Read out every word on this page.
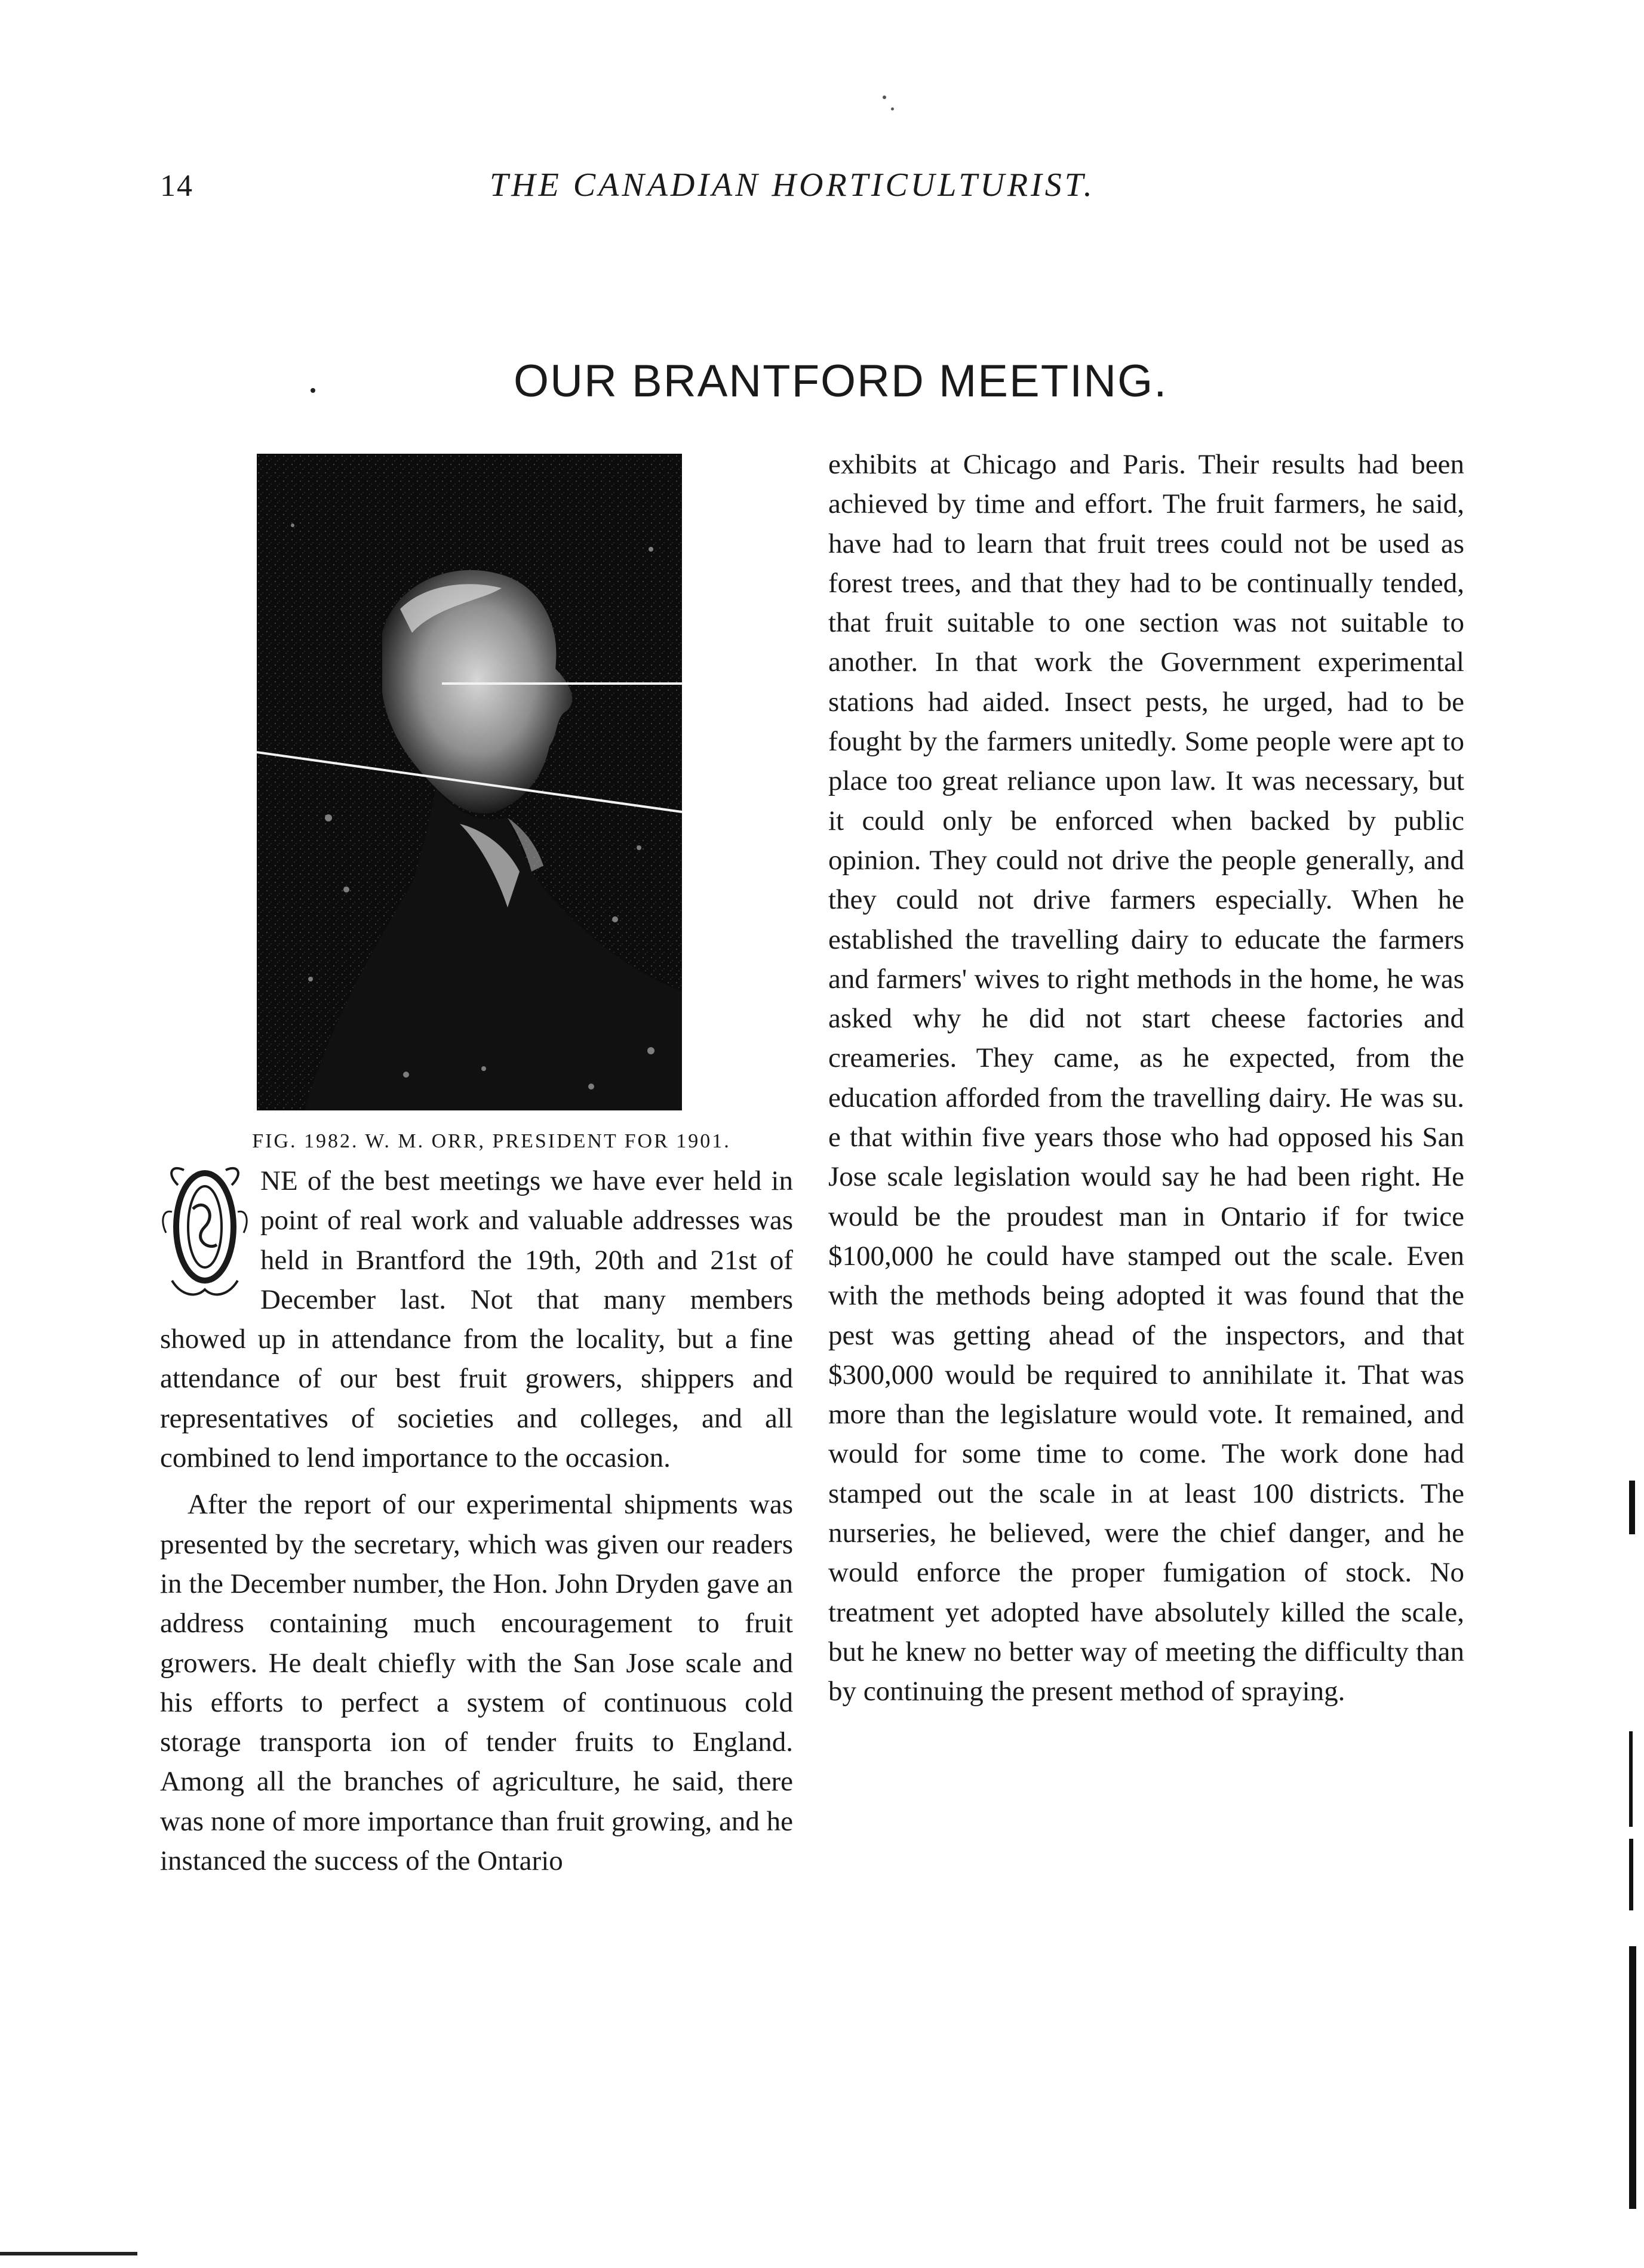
14	THE CANADIAN HORTICULTURIST.
OUR BRANTFORD MEETING.
FIG. 1982. W. M. ORR, PRESIDENT FOR 1901.

NE of the best meetings we have ever held in point of real work and valuable addresses was held in Brantford the 19th, 20th and 21st of December last. Not that many members showed up in attendance from the locality, but a fine attendance of our best fruit growers, shippers and representatives of societies and colleges, and all combined to lend importance to the occasion.

After the report of our experimental shipments was presented by the secretary, which was given our readers in the December number, the Hon. John Dryden gave an address containing much encouragement to fruit growers. He dealt chiefly with the San Jose scale and his efforts to perfect a system of continuous cold storage transporta ion of tender fruits to England. Among all the branches of agriculture, he said, there was none of more importance than fruit growing, and he instanced the success of the Ontario

exhibits at Chicago and Paris. Their results had been achieved by time and effort. The fruit farmers, he said, have had to learn that fruit trees could not be used as forest trees, and that they had to be continually tended, that fruit suitable to one section was not suitable to another. In that work the Government experimental stations had aided. Insect pests, he urged, had to be fought by the farmers unitedly. Some people were apt to place too great reliance upon law. It was necessary, but it could only be enforced when backed by public opinion. They could not drive the people generally, and they could not drive farmers especially. When he established the travelling dairy to educate the farmers and farmers' wives to right methods in the home, he was asked why he did not start cheese factories and creameries. They came, as he expected, from the education afforded from the travelling dairy. He was su. e that within five years those who had opposed his San Jose scale legislation would say he had been right. He would be the proudest man in Ontario if for twice $100,000 he could have stamped out the scale. Even with the methods being adopted it was found that the pest was getting ahead of the inspectors, and that $300,000 would be required to annihilate it. That was more than the legislature would vote. It remained, and would for some time to come. The work done had stamped out the scale in at least 100 districts. The nurseries, he believed, were the chief danger, and he would enforce the proper fumigation of stock. No treatment yet adopted have absolutely killed the scale, but he knew no better way of meeting the difficulty than by continuing the present method of spraying.
